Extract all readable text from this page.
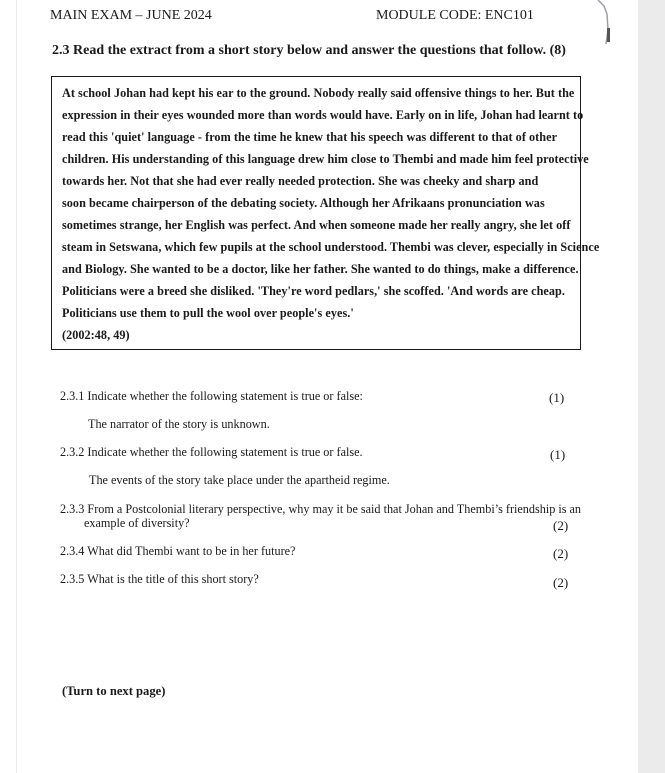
MAIN EXAM – JUNE 2024	MODULE CODE: ENC101
2.3 Read the extract from a short story below and answer the questions that follow. (8)
At school Johan had kept his ear to the ground. Nobody really said offensive things to her. But the
expression in their eyes wounded more than words would have. Early on in life, Johan had learnt to
read this 'quiet' language - from the time he knew that his speech was different to that of other
children. His understanding of this language drew him close to Thembi and made him feel protective
towards her. Not that she had ever really needed protection. She was cheeky and sharp and
soon became chairperson of the debating society. Although her Afrikaans pronunciation was
sometimes strange, her English was perfect. And when someone made her really angry, she let off
steam in Setswana, which few pupils at the school understood. Thembi was clever, especially in Science
and Biology. She wanted to be a doctor, like her father. She wanted to do things, make a difference.
Politicians were a breed she disliked. 'They're word pedlars,' she scoffed. 'And words are cheap.
Politicians use them to pull the wool over people's eyes.'
(2002:48, 49)
2.3.1 Indicate whether the following statement is true or false:	(1)
The narrator of the story is unknown.
2.3.2 Indicate whether the following statement is true or false.	(1)
The events of the story take place under the apartheid regime.
2.3.3 From a Postcolonial literary perspective, why may it be said that Johan and Thembi’s friendship is an
example of diversity?	(2)
2.3.4 What did Thembi want to be in her future?	(2)
2.3.5 What is the title of this short story?	(2)
(Turn to next page)
